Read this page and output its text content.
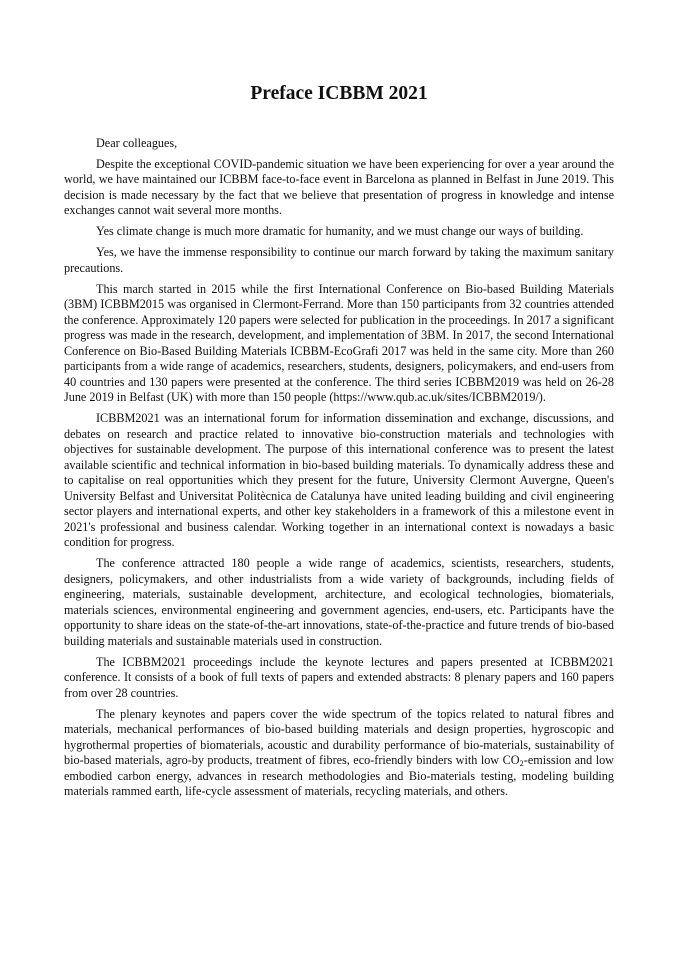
Preface ICBBM 2021

Dear colleagues,

Despite the exceptional COVID-pandemic situation we have been experiencing for over a year around the world, we have maintained our ICBBM face-to-face event in Barcelona as planned in Belfast in June 2019. This decision is made necessary by the fact that we believe that presentation of progress in knowledge and intense exchanges cannot wait several more months.

Yes climate change is much more dramatic for humanity, and we must change our ways of building.

Yes, we have the immense responsibility to continue our march forward by taking the maximum sanitary precautions.

This march started in 2015 while the first International Conference on Bio-based Building Materials (3BM) ICBBM2015 was organised in Clermont-Ferrand. More than 150 participants from 32 countries attended the conference. Approximately 120 papers were selected for publication in the proceedings. In 2017 a significant progress was made in the research, development, and implementation of 3BM. In 2017, the second International Conference on Bio-Based Building Materials ICBBM-EcoGrafi 2017 was held in the same city. More than 260 participants from a wide range of academics, researchers, students, designers, policymakers, and end-users from 40 countries and 130 papers were presented at the conference. The third series ICBBM2019 was held on 26-28 June 2019 in Belfast (UK) with more than 150 people (https://www.qub.ac.uk/sites/ICBBM2019/).

ICBBM2021 was an international forum for information dissemination and exchange, discussions, and debates on research and practice related to innovative bio-construction materials and technologies with objectives for sustainable development. The purpose of this international conference was to present the latest available scientific and technical information in bio-based building materials. To dynamically address these and to capitalise on real opportunities which they present for the future, University Clermont Auvergne, Queen's University Belfast and Universitat Politècnica de Catalunya have united leading building and civil engineering sector players and international experts, and other key stakeholders in a framework of this a milestone event in 2021's professional and business calendar. Working together in an international context is nowadays a basic condition for progress.

The conference attracted 180 people a wide range of academics, scientists, researchers, students, designers, policymakers, and other industrialists from a wide variety of backgrounds, including fields of engineering, materials, sustainable development, architecture, and ecological technologies, biomaterials, materials sciences, environmental engineering and government agencies, end-users, etc. Participants have the opportunity to share ideas on the state-of-the-art innovations, state-of-the-practice and future trends of bio-based building materials and sustainable materials used in construction.

The ICBBM2021 proceedings include the keynote lectures and papers presented at ICBBM2021 conference. It consists of a book of full texts of papers and extended abstracts: 8 plenary papers and 160 papers from over 28 countries.

The plenary keynotes and papers cover the wide spectrum of the topics related to natural fibres and materials, mechanical performances of bio-based building materials and design properties, hygroscopic and hygrothermal properties of biomaterials, acoustic and durability performance of bio-materials, sustainability of bio-based materials, agro-by products, treatment of fibres, eco-friendly binders with low $CO_2$-emission and low embodied carbon energy, advances in research methodologies and Bio-materials testing, modeling building materials rammed earth, life-cycle assessment of materials, recycling materials, and others.
